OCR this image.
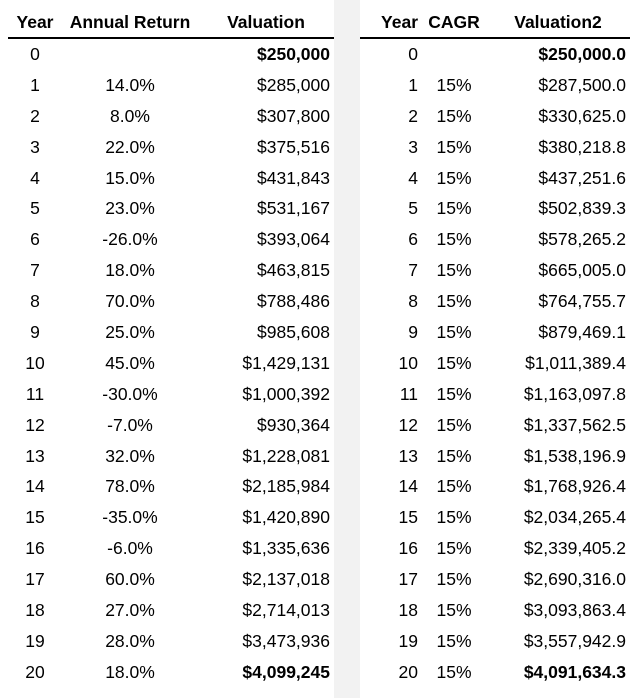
Year	Annual Return	Valuation
0		$250,000
1	14.0%	$285,000
2	8.0%	$307,800
3	22.0%	$375,516
4	15.0%	$431,843
5	23.0%	$531,167
6	-26.0%	$393,064
7	18.0%	$463,815
8	70.0%	$788,486
9	25.0%	$985,608
10	45.0%	$1,429,131
11	-30.0%	$1,000,392
12	-7.0%	$930,364
13	32.0%	$1,228,081
14	78.0%	$2,185,984
15	-35.0%	$1,420,890
16	-6.0%	$1,335,636
17	60.0%	$2,137,018
18	27.0%	$2,714,013
19	28.0%	$3,473,936
20	18.0%	$4,099,245
Year	CAGR	Valuation2
0		$250,000.0
1	15%	$287,500.0
2	15%	$330,625.0
3	15%	$380,218.8
4	15%	$437,251.6
5	15%	$502,839.3
6	15%	$578,265.2
7	15%	$665,005.0
8	15%	$764,755.7
9	15%	$879,469.1
10	15%	$1,011,389.4
11	15%	$1,163,097.8
12	15%	$1,337,562.5
13	15%	$1,538,196.9
14	15%	$1,768,926.4
15	15%	$2,034,265.4
16	15%	$2,339,405.2
17	15%	$2,690,316.0
18	15%	$3,093,863.4
19	15%	$3,557,942.9
20	15%	$4,091,634.3
